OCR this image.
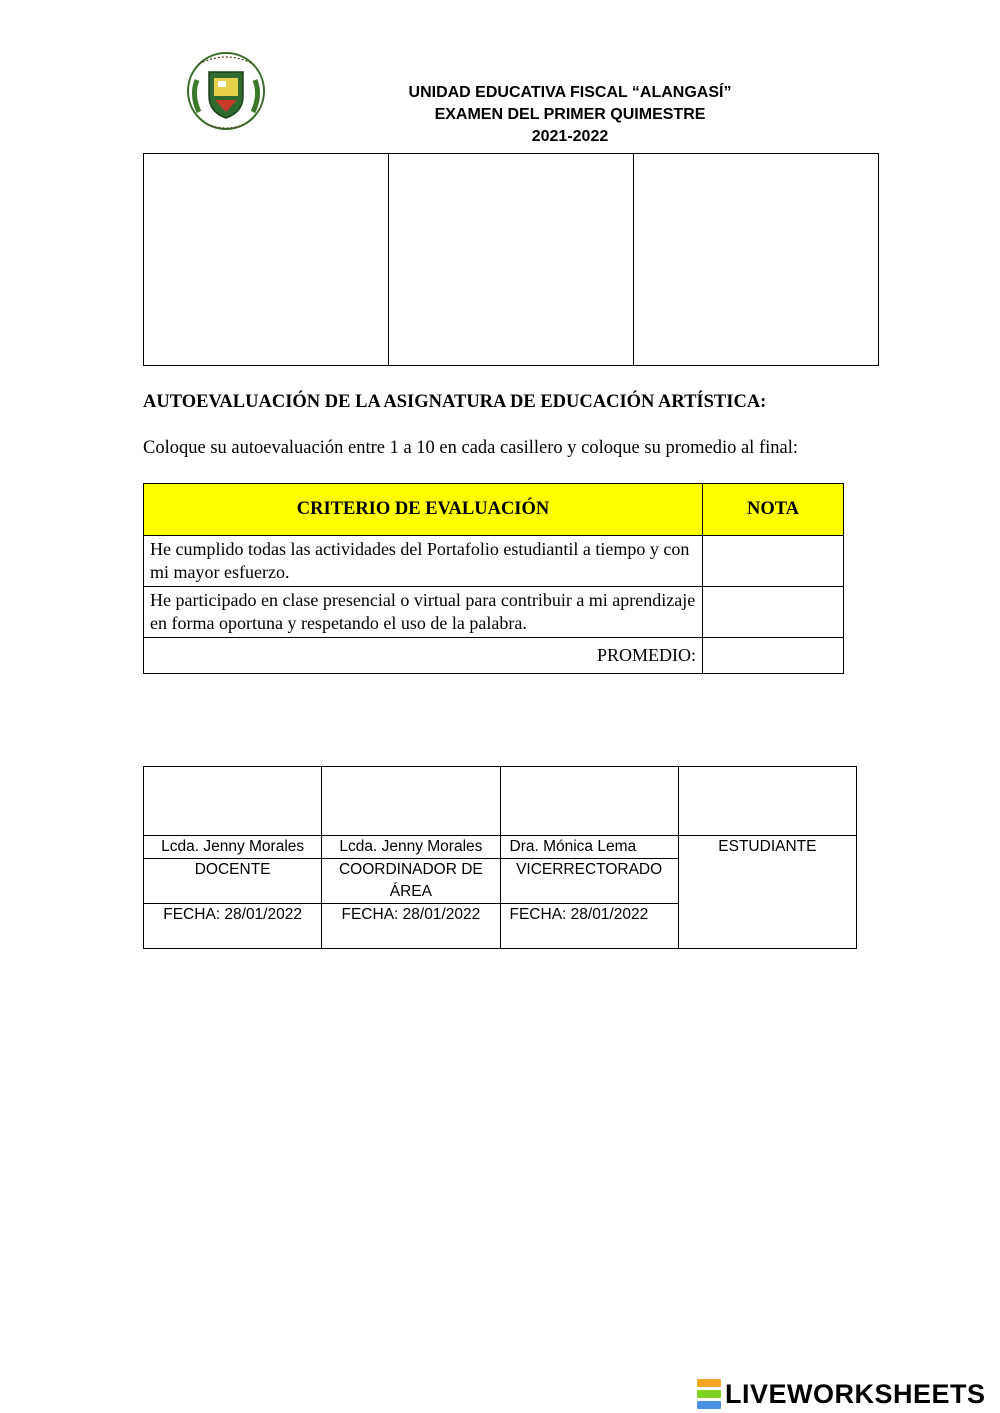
UNIDAD EDUCATIVA FISCAL “ALANGASÍ”
EXAMEN DEL PRIMER QUIMESTRE
2021-2022

AUTOEVALUACIÓN DE LA ASIGNATURA DE EDUCACIÓN ARTÍSTICA:
Coloque su autoevaluación entre 1 a 10 en cada casillero y coloque su promedio al final:
CRITERIO DE EVALUACIÓN	NOTA
He cumplido todas las actividades del Portafolio estudiantil a tiempo y con mi mayor esfuerzo.	
He participado en clase presencial o virtual para contribuir a mi aprendizaje en forma oportuna y respetando el uso de la palabra.	
PROMEDIO:	

Lcda. Jenny Morales	Lcda. Jenny Morales	Dra. Mónica Lema	ESTUDIANTE
DOCENTE	COORDINADOR DE ÁREA	VICERRECTORADO	
FECHA: 28/01/2022	FECHA: 28/01/2022	FECHA: 28/01/2022	
LIVEWORKSHEETS
